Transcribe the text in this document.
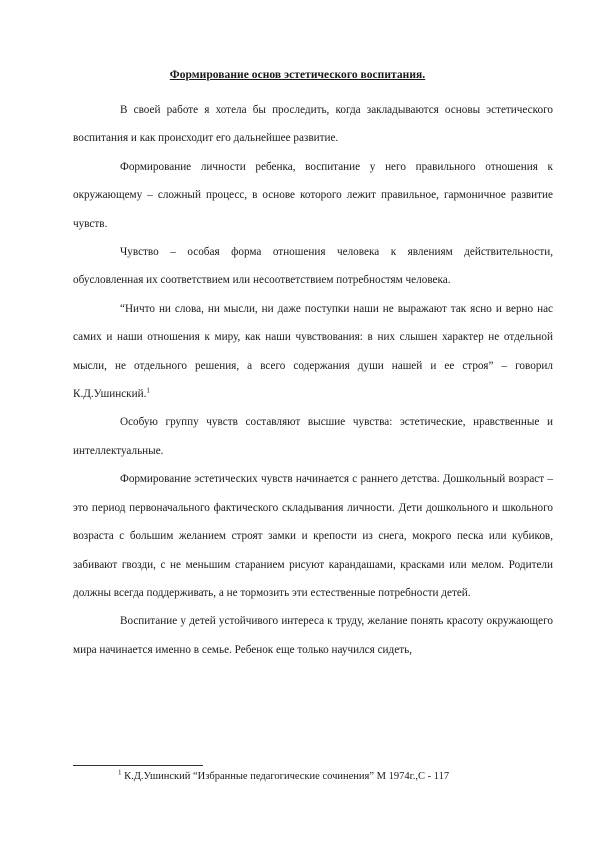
Формирование основ эстетического воспитания.

В своей работе я хотела бы проследить, когда закладываются основы эстетического воспитания и как происходит его дальнейшее развитие.

Формирование личности ребенка, воспитание у него правильного отношения к окружающему – сложный процесс, в основе которого лежит правильное, гармоничное развитие чувств.

Чувство – особая форма отношения человека к явлениям действительности, обусловленная их соответствием или несоответствием потребностям человека.

“Ничто ни слова, ни мысли, ни даже поступки наши не выражают так ясно и верно нас самих и наши отношения к миру, как наши чувствования: в них слышен характер не отдельной мысли, не отдельного решения, а всего содержания души нашей и ее строя” – говорил К.Д.Ушинский.$^1$

Особую группу чувств составляют высшие чувства: эстетические, нравственные и интеллектуальные.

Формирование эстетических чувств начинается с раннего детства. Дошкольный возраст – это период первоначального фактического складывания личности. Дети дошкольного и школьного возраста с большим желанием строят замки и крепости из снега, мокрого песка или кубиков, забивают гвозди, с не меньшим старанием рисуют карандашами, красками или мелом. Родители должны всегда поддерживать, а не тормозить эти естественные потребности детей.

Воспитание у детей устойчивого интереса к труду, желание понять красоту окружающего мира начинается именно в семье. Ребенок еще только научился сидеть,

$^1$ К.Д.Ушинский “Избранные педагогические сочинения” М 1974г.,С - 117
